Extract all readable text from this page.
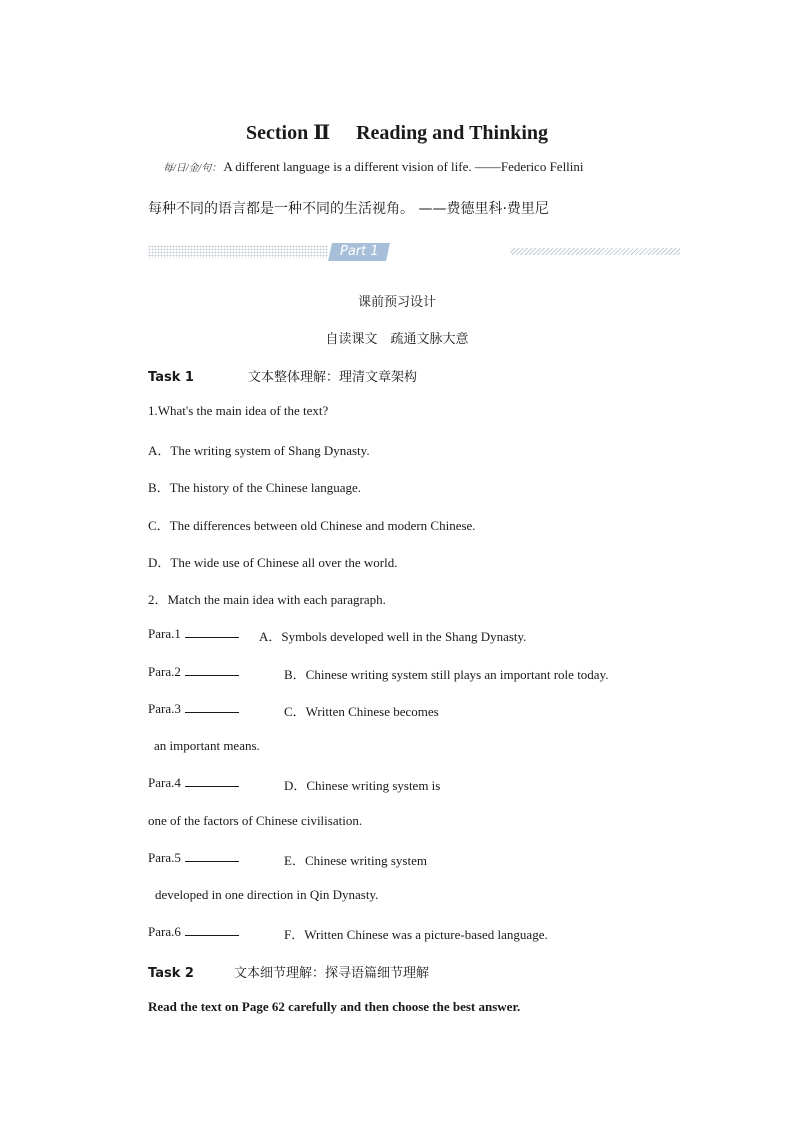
Section Ⅱ Reading and Thinking
每/日/金/句： A different language is a different vision of life. ——Federico Fellini
每种不同的语言都是一种不同的生活视角。 ——费德里科·费里尼
Part 1
课前预习设计
自读课文　疏通文脉大意
Task 1	文本整体理解：理清文章架构
1.What's the main idea of the text?
A．The writing system of Shang Dynasty.
B．The history of the Chinese language.
C．The differences between old Chinese and modern Chinese.
D．The wide use of Chinese all over the world.
2．Match the main idea with each paragraph.
Para.1	A．Symbols developed well in the Shang Dynasty.
Para.2	B．Chinese writing system still plays an important role today.
Para.3	C．Written Chinese becomes
an important means.
Para.4	D．Chinese writing system is
one of the factors of Chinese civilisation.
Para.5	E．Chinese writing system
developed in one direction in Qin Dynasty.
Para.6	F．Written Chinese was a picture-based language.
Task 2	文本细节理解：探寻语篇细节理解
Read the text on Page 62 carefully and then choose the best answer.
